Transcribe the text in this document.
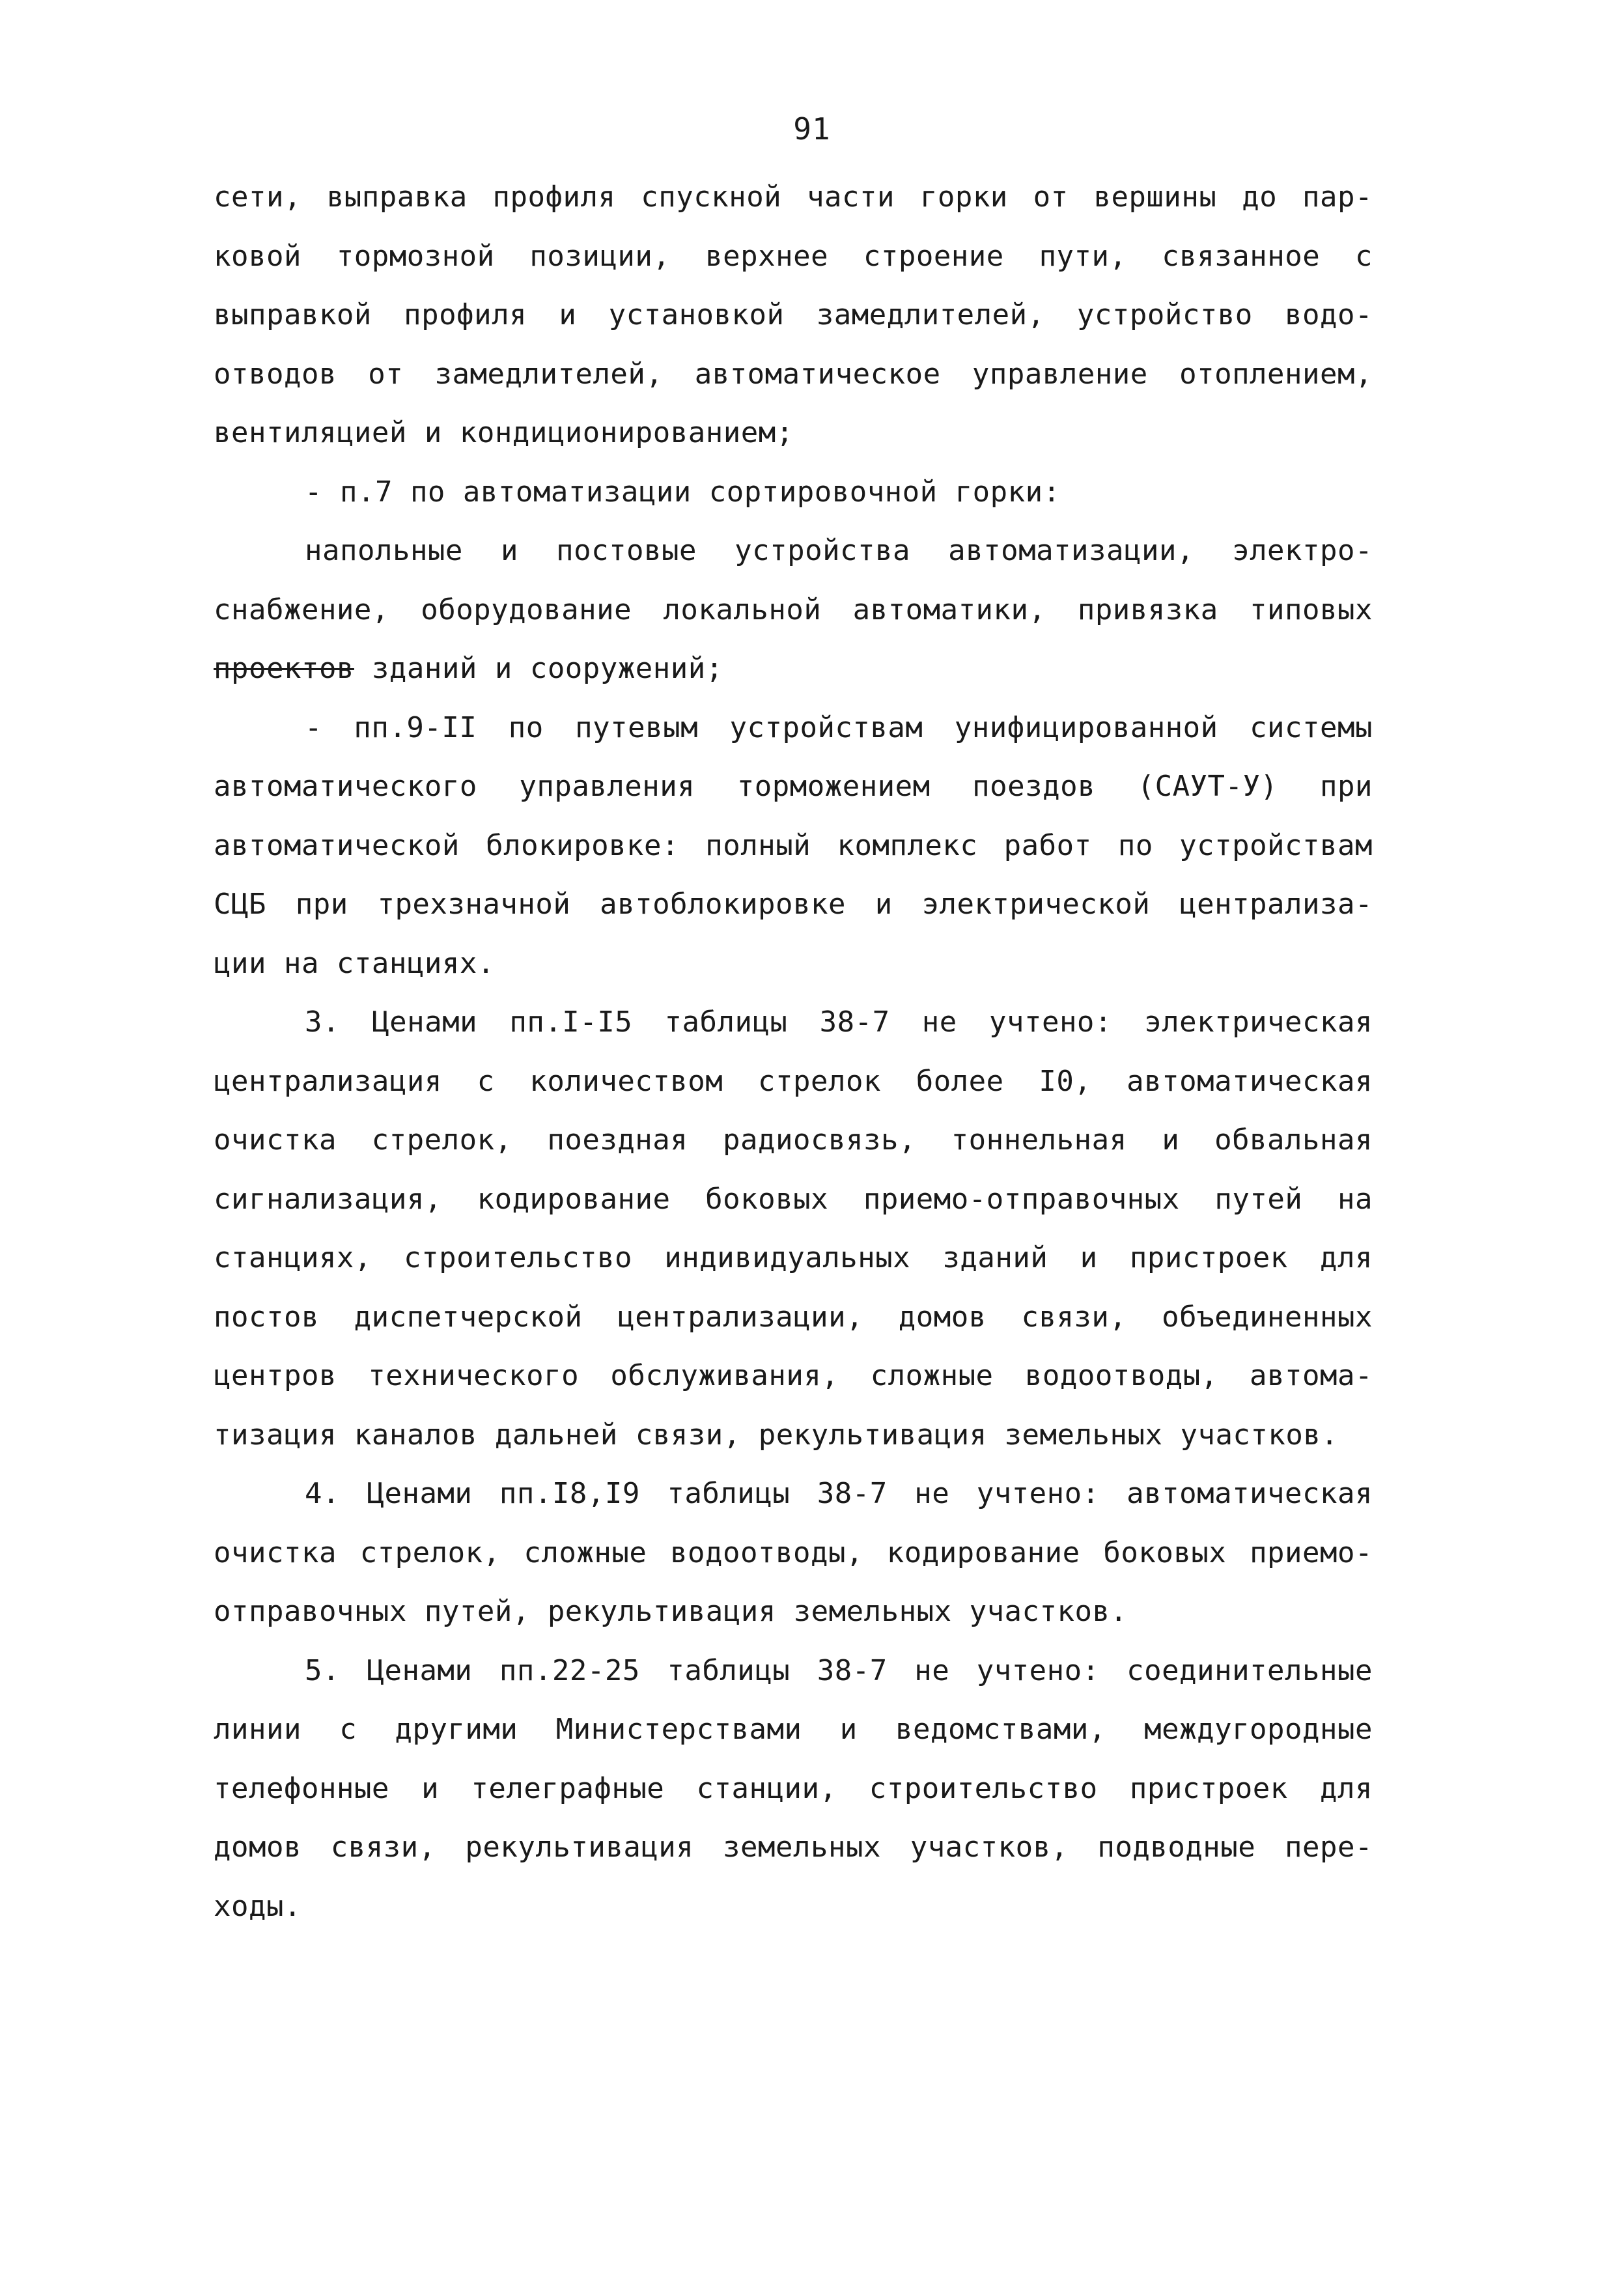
91
сети, выправка профиля спускной части горки от вершины до пар-
ковой тормозной позиции, верхнее строение пути, связанное с
выправкой профиля и установкой замедлителей, устройство водо-
отводов от замедлителей, автоматическое управление отоплением,
вентиляцией и кондиционированием;
- п.7 по автоматизации сортировочной горки:
напольные и постовые устройства автоматизации, электро-
снабжение, оборудование локальной автоматики, привязка типовых
проектов зданий и сооружений;
- пп.9-II по путевым устройствам унифицированной системы
автоматического управления торможением поездов (САУТ-У) при
автоматической блокировке: полный комплекс работ по устройствам
СЦБ при трехзначной автоблокировке и электрической централиза-
ции на станциях.
3. Ценами пп.I-I5 таблицы 38-7 не учтено: электрическая
централизация с количеством стрелок более I0, автоматическая
очистка стрелок, поездная радиосвязь, тоннельная и обвальная
сигнализация, кодирование боковых приемо-отправочных путей на
станциях, строительство индивидуальных зданий и пристроек для
постов диспетчерской централизации, домов связи, объединенных
центров технического обслуживания, сложные водоотводы, автома-
тизация каналов дальней связи, рекультивация земельных участков.
4. Ценами пп.I8,I9 таблицы 38-7 не учтено: автоматическая
очистка стрелок, сложные водоотводы, кодирование боковых приемо-
отправочных путей, рекультивация земельных участков.
5. Ценами пп.22-25 таблицы 38-7 не учтено: соединительные
линии с другими Министерствами и ведомствами, междугородные
телефонные и телеграфные станции, строительство пристроек для
домов связи, рекультивация земельных участков, подводные пере-
ходы.
